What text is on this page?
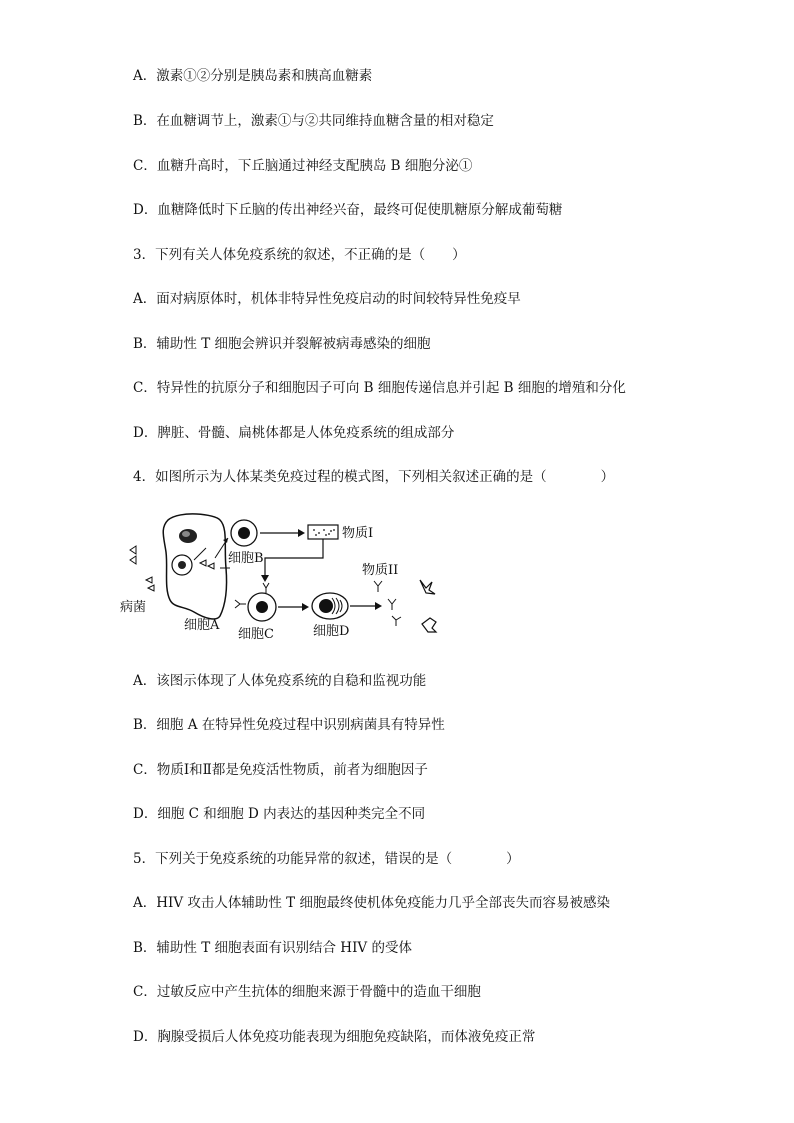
A．激素①②分别是胰岛素和胰高血糖素
B．在血糖调节上，激素①与②共同维持血糖含量的相对稳定
C．血糖升高时，下丘脑通过神经支配胰岛 B 细胞分泌①
D．血糖降低时下丘脑的传出神经兴奋，最终可促使肌糖原分解成葡萄糖
3．下列有关人体免疫系统的叙述，不正确的是（　　）
A．面对病原体时，机体非特异性免疫启动的时间较特异性免疫早
B．辅助性 T 细胞会辨识并裂解被病毒感染的细胞
C．特异性的抗原分子和细胞因子可向 B 细胞传递信息并引起 B 细胞的增殖和分化
D．脾脏、骨髓、扁桃体都是人体免疫系统的组成部分
4．如图所示为人体某类免疫过程的模式图，下列相关叙述正确的是（　　　　）
物质I
细胞B
细胞C	细胞D
物质II
病菌
细胞A
A．该图示体现了人体免疫系统的自稳和监视功能
B．细胞 A 在特异性免疫过程中识别病菌具有特异性
C．物质Ⅰ和Ⅱ都是免疫活性物质，前者为细胞因子
D．细胞 C 和细胞 D 内表达的基因种类完全不同
5．下列关于免疫系统的功能异常的叙述，错误的是（　　　　）
A．HIV 攻击人体辅助性 T 细胞最终使机体免疫能力几乎全部丧失而容易被感染
B．辅助性 T 细胞表面有识别结合 HIV 的受体
C．过敏反应中产生抗体的细胞来源于骨髓中的造血干细胞
D．胸腺受损后人体免疫功能表现为细胞免疫缺陷，而体液免疫正常
